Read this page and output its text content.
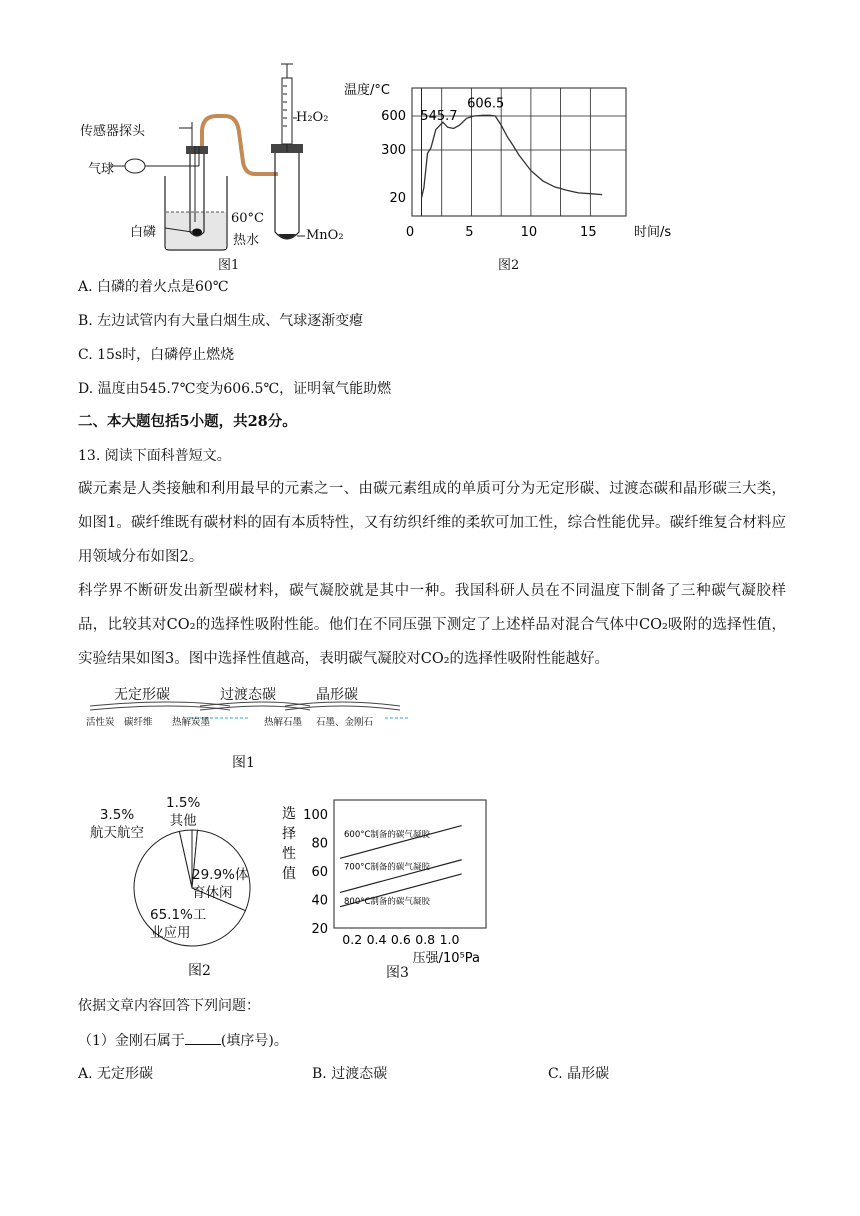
传感器探头
气球
白磷
60°C
热水
H₂O₂
MnO₂
图1
温度/°C
时间/s
600
300
20
0	5	10	15
545.7
606.5
图2
A. 白磷的着火点是60℃
B. 左边试管内有大量白烟生成、气球逐渐变瘪
C. 15s时，白磷停止燃烧
D. 温度由545.7℃变为606.5℃，证明氧气能助燃
二、本大题包括5小题，共28分。
13. 阅读下面科普短文。
碳元素是人类接触和利用最早的元素之一、由碳元素组成的单质可分为无定形碳、过渡态碳和晶形碳三大类，如图1。碳纤维既有碳材料的固有本质特性，又有纺织纤维的柔软可加工性，综合性能优异。碳纤维复合材料应用领域分布如图2。
科学界不断研发出新型碳材料，碳气凝胶就是其中一种。我国科研人员在不同温度下制备了三种碳气凝胶样品，比较其对CO₂的选择性吸附性能。他们在不同压强下测定了上述样品对混合气体中CO₂吸附的选择性值，实验结果如图3。图中选择性值越高，表明碳气凝胶对CO₂的选择性吸附性能越好。
无定形碳	过渡态碳	晶形碳
活性炭 碳纤维 热解炭墨	热解石墨 石墨、金刚石
图1
3.5%
航天航空
1.5%
其他
29.9%体
育休闲
65.1%工
业应用
图2
0.2 0.4 0.6 0.8 1.0
100
80
60
40
20
选
择
性
值
压强/10⁵Pa
600°C制备的碳气凝胶
700°C制备的碳气凝胶
800°C制备的碳气凝胶
图3
依据文章内容回答下列问题：
（1）金刚石属于	(填序号)。
A. 无定形碳	B. 过渡态碳	C. 晶形碳
